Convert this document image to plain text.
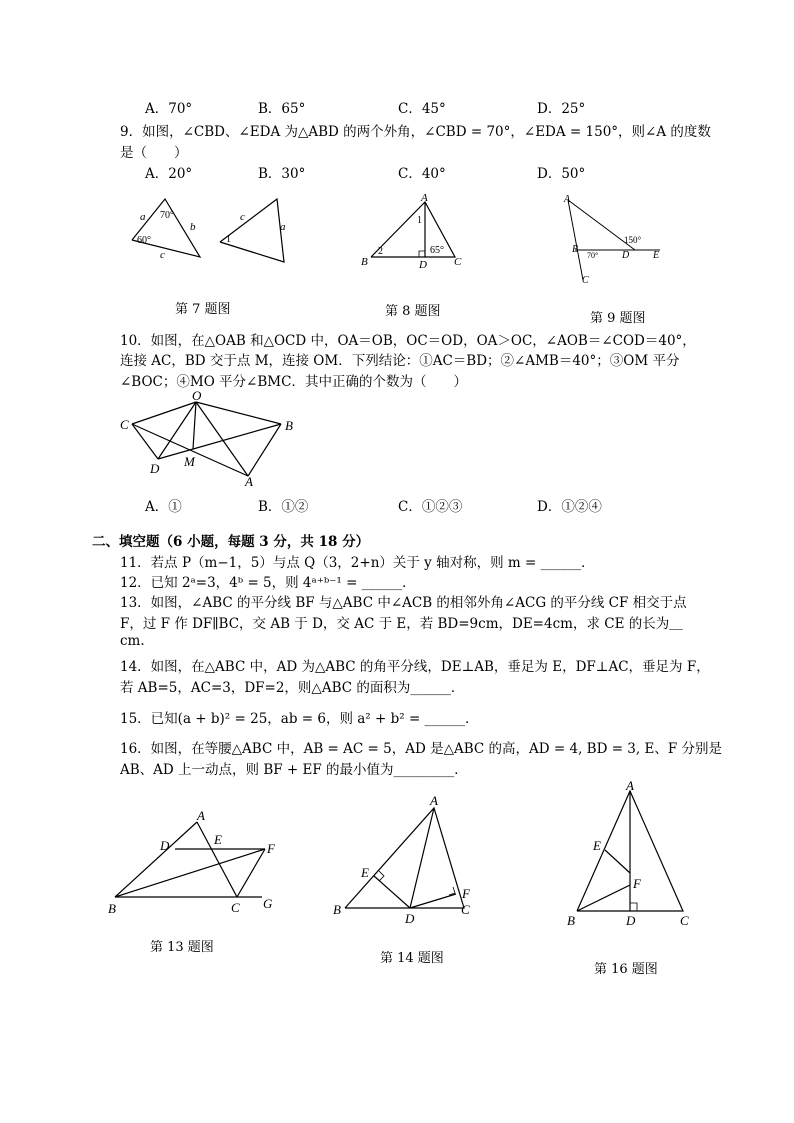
A．70°	B．65°	C．45°	D．25°
9．如图，∠CBD、∠EDA 为△ABD 的两个外角，∠CBD = 70°，∠EDA = 150°，则∠A 的度数
是（　　）
A．20°	B．30°	C．40°	D．50°
a 70°
b
60°
c
c
1
a
第 7 题图
A
1
2	65°
B	D C
第 8 题图
A
150°
B
70° D E
C
第 9 题图
10．如图，在△OAB 和△OCD 中，OA＝OB，OC＝OD，OA＞OC，∠AOB＝∠COD＝40°，
连接 AC，BD 交于点 M，连接 OM．下列结论：①AC＝BD；②∠AMB＝40°；③OM 平分
∠BOC；④MO 平分∠BMC．其中正确的个数为（　　）
O
C	B
D M
A
A．①	B．①②	C．①②③	D．①②④
二、填空题（6 小题，每题 3 分，共 18 分）
11．若点 P（m−1，5）与点 Q（3，2+n）关于 y 轴对称，则 m = ______．
12．已知 2ᵃ=3，4ᵇ = 5，则 4ᵃ⁺ᵇ⁻¹ = ______．
13．如图，∠ABC 的平分线 BF 与△ABC 中∠ACB 的相邻外角∠ACG 的平分线 CF 相交于点
F，过 F 作 DF∥BC，交 AB 于 D，交 AC 于 E，若 BD=9cm，DE=4cm，求 CE 的长为＿
cm.
14．如图，在△ABC 中，AD 为△ABC 的角平分线，DE⊥AB，垂足为 E，DF⊥AC，垂足为 F，
若 AB=5，AC=3，DF=2，则△ABC 的面积为______．
15．已知(a + b)² = 25，ab = 6，则 a² + b² = ______．
16．如图，在等腰△ABC 中，AB = AC = 5，AD 是△ABC 的高，AD = 4, BD = 3, E、F 分别是
AB、AD 上一动点，则 BF + EF 的最小值为_________．
A
D	E
F
B	C G
第 13 题图
A
E
F
B
D
C
第 14 题图
A
E
F
B	D	C
第 16 题图
